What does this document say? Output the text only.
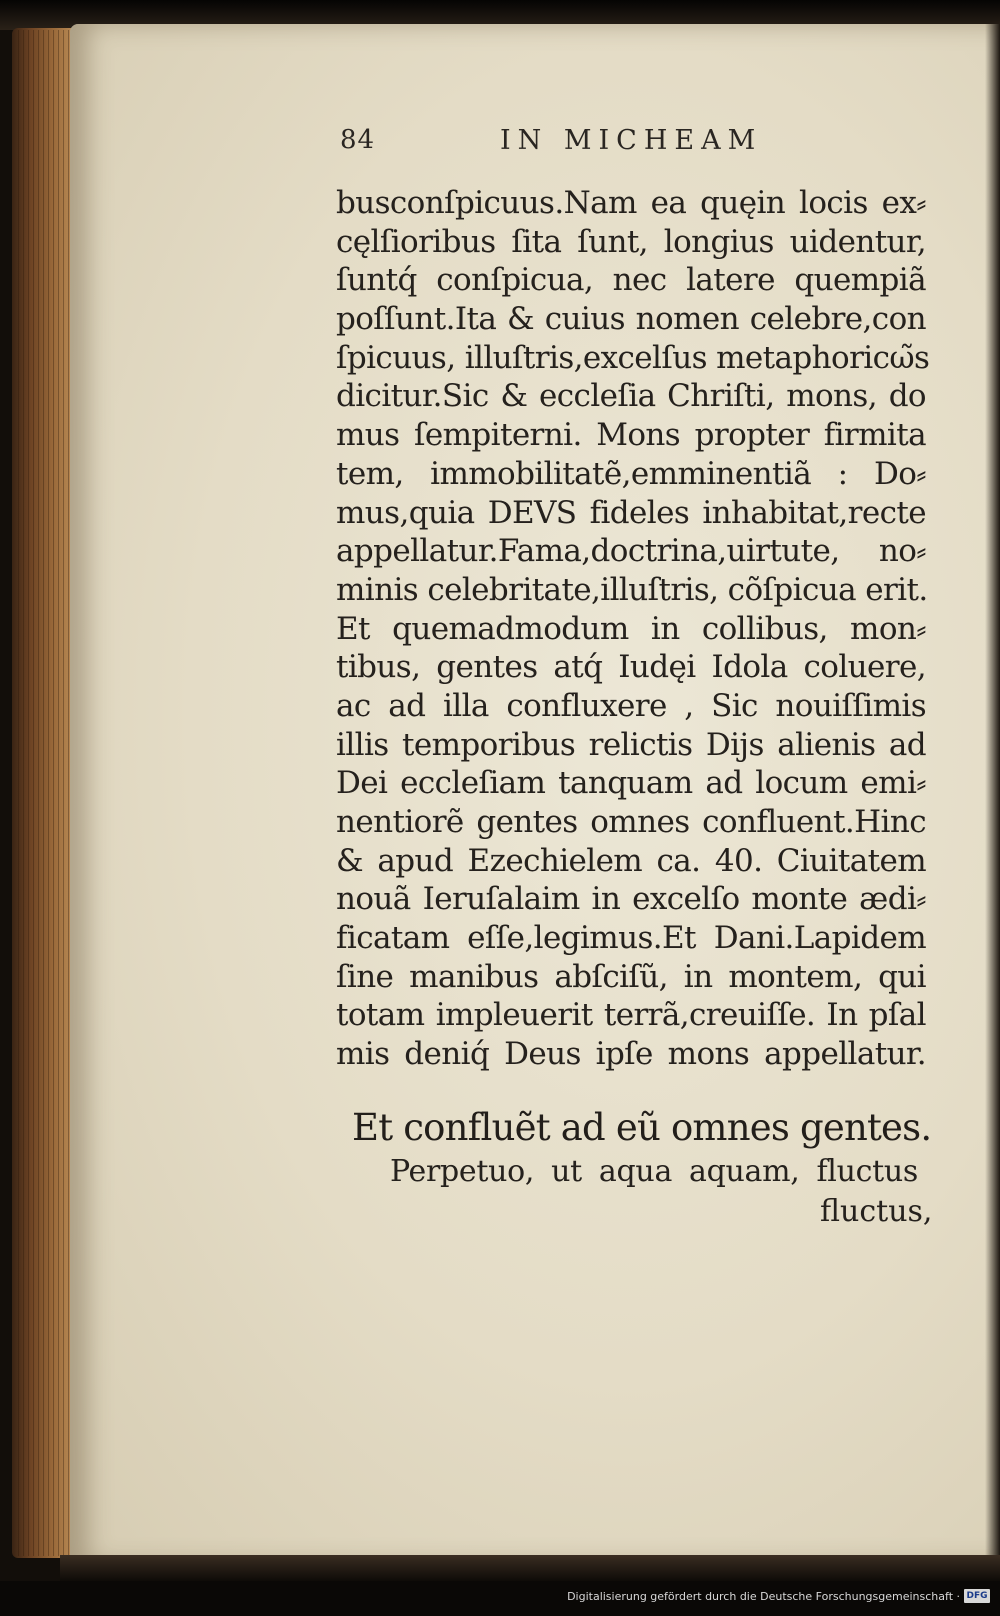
84	IN MICHEAM
busconſpicuus.Nam ea quęin locis ex⸗
cęlſioribus ſita ſunt, longius uidentur,
ſuntq́ conſpicua, nec latere quempiã
poſſunt.Ita & cuius nomen celebre,con
ſpicuus, illuſtris,excelſus metaphoricω̃s
dicitur.Sic & eccleſia Chriſti, mons, do
mus ſempiterni. Mons propter firmita
tem, immobilitatẽ,emminentiã : Do⸗
mus,quia DEVS fideles inhabitat,recte
appellatur.Fama,doctrina,uirtute, no⸗
minis celebritate,illuſtris, cõſpicua erit.
Et quemadmodum in collibus, mon⸗
tibus, gentes atq́ Iudęi Idola coluere,
ac ad illa confluxere , Sic nouiſſimis
illis temporibus relictis Dijs alienis ad
Dei eccleſiam tanquam ad locum emi⸗
nentiorẽ gentes omnes confluent.Hinc
& apud Ezechielem ca. 40. Ciuitatem
nouã Ieruſalaim in excelſo monte ædi⸗
ficatam eſſe,legimus.Et Dani.Lapidem
ſine manibus abſciſũ, in montem, qui
totam impleuerit terrã,creuiſſe. In pſal
mis deniq́ Deus ipſe mons appellatur.
Et confluẽt ad eũ omnes gentes.
Perpetuo, ut aqua aquam, fluctus
fluctus,
Digitalisierung gefördert durch die Deutsche Forschungsgemeinschaft · DFG
